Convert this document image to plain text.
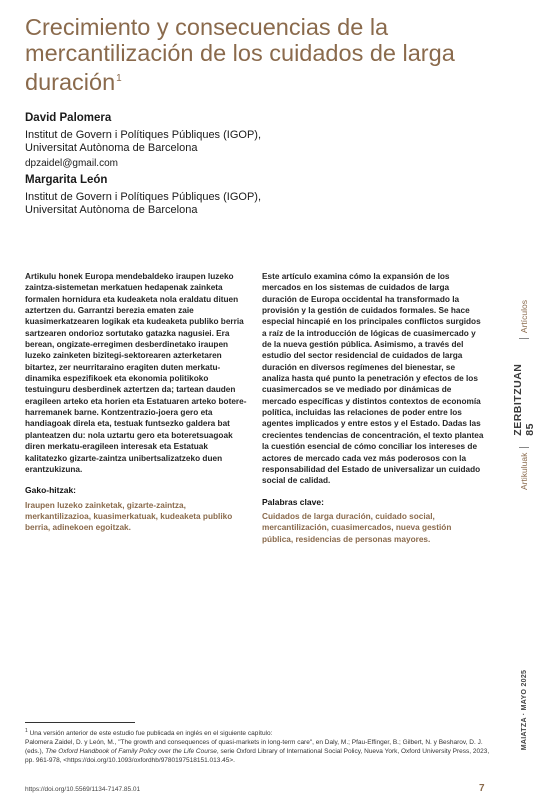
Crecimiento y consecuencias de la mercantilización de los cuidados de larga duración$^1$
David Palomera
Institut de Govern i Polítiques Públiques (IGOP),
Universitat Autònoma de Barcelona
dpzaidel@gmail.com
Margarita León
Institut de Govern i Polítiques Públiques (IGOP),
Universitat Autònoma de Barcelona

Artikulu honek Europa mendebaldeko iraupen luzeko zaintza-sistemetan merkatuen hedapenak zainketa formalen hornidura eta kudeaketa nola eraldatu dituen aztertzen du. Garrantzi berezia ematen zaie kuasimerkatzearen logikak eta kudeaketa publiko berria sartzearen ondorioz sortutako gatazka nagusiei. Era berean, ongizate-erregimen desberdinetako iraupen luzeko zainketen bizitegi-sektorearen azterketaren bitartez, zer neurritaraino eragiten duten merkatu-dinamika espezifikoek eta ekonomia politikoko testuinguru desberdinek aztertzen da; tartean dauden eragileen arteko eta horien eta Estatuaren arteko botere-harremanek barne. Kontzentrazio-joera gero eta handiagoak direla eta, testuak funtsezko galdera bat planteatzen du: nola uztartu gero eta boteretsuagoak diren merkatu-eragileen interesak eta Estatuak kalitatezko gizarte-zaintza unibertsalizatzeko duen erantzukizuna.

Gako-hitzak:

Iraupen luzeko zainketak, gizarte-zaintza, merkantilizazioa, kuasimerkatuak, kudeaketa publiko berria, adinekoen egoitzak.

Este artículo examina cómo la expansión de los mercados en los sistemas de cuidados de larga duración de Europa occidental ha transformado la provisión y la gestión de cuidados formales. Se hace especial hincapié en los principales conflictos surgidos a raíz de la introducción de lógicas de cuasimercado y de la nueva gestión pública. Asimismo, a través del estudio del sector residencial de cuidados de larga duración en diversos regímenes del bienestar, se analiza hasta qué punto la penetración y efectos de los cuasimercados se ve mediado por dinámicas de mercado específicas y distintos contextos de economía política, incluidas las relaciones de poder entre los agentes implicados y entre estos y el Estado. Dadas las crecientes tendencias de concentración, el texto plantea la cuestión esencial de cómo conciliar los intereses de actores de mercado cada vez más poderosos con la responsabilidad del Estado de universalizar un cuidado social de calidad.

Palabras clave:

Cuidados de larga duración, cuidado social, mercantilización, cuasimercados, nueva gestión pública, residencias de personas mayores.

Artikuluak
ZERBITZUAN 85
Artículos
MAIATZA · MAYO 2025

$^1$ Una versión anterior de este estudio fue publicada en inglés en el siguiente capítulo:
Palomera Zaidel, D. y León, M., "The growth and consequences of quasi-markets in long-term care", en Daly, M.; Pfau-Effinger, B.; Gilbert, N. y Besharov, D. J. (eds.), The Oxford Handbook of Family Policy over the Life Course, serie Oxford Library of International Social Policy, Nueva York, Oxford University Press, 2023, pp. 961-978, <https://doi.org/10.1093/oxfordhb/9780197518151.013.45>.

https://doi.org/10.5569/1134-7147.85.01	7
